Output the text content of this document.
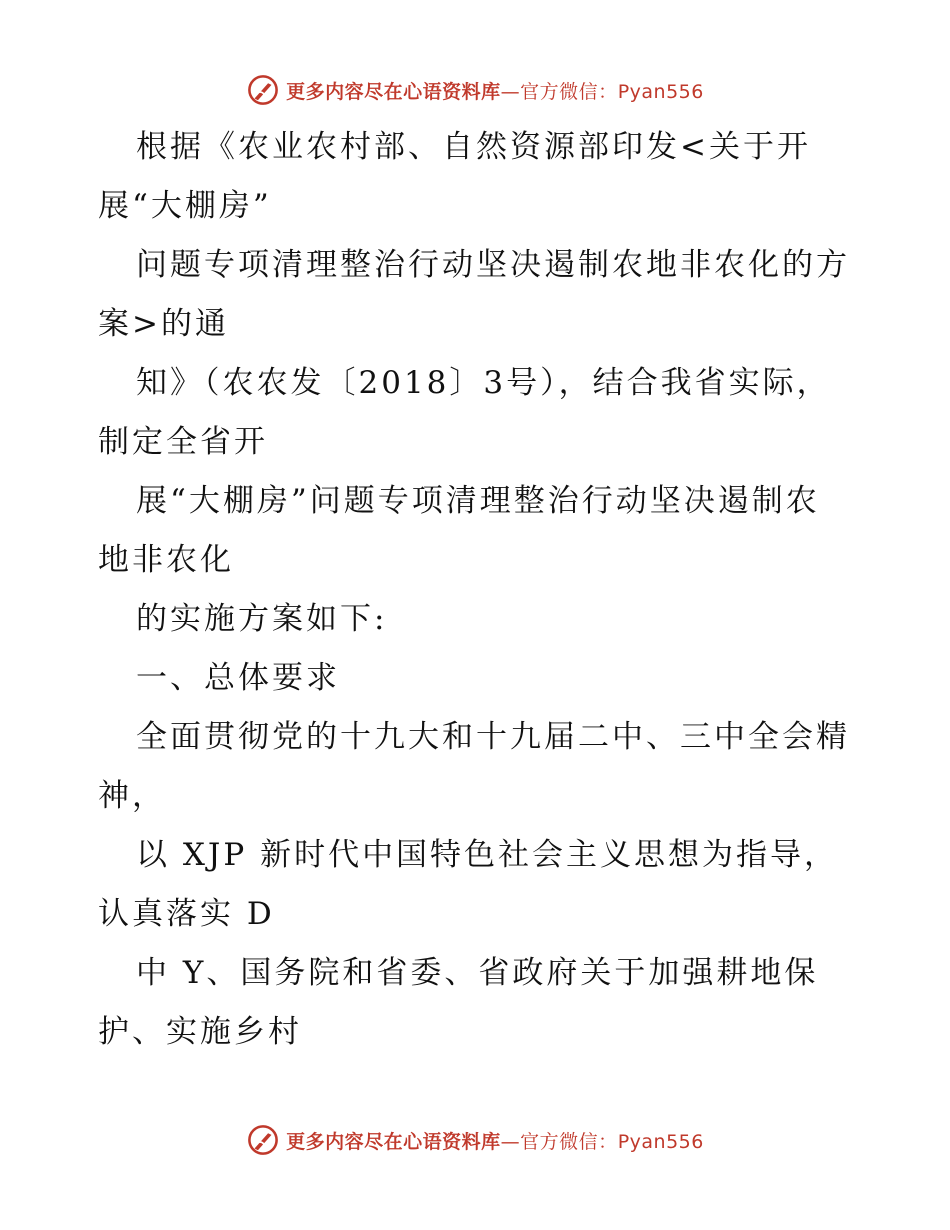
更多内容尽在心语资料库—官方微信：Pyan556
根据《农业农村部、自然资源部印发<关于开
展“大棚房”
问题专项清理整治行动坚决遏制农地非农化的方
案>的通
知》（农农发〔2018〕3号），结合我省实际，
制定全省开
展“大棚房”问题专项清理整治行动坚决遏制农
地非农化
的实施方案如下:
一、总体要求
全面贯彻党的十九大和十九届二中、三中全会精
神，
以 XJP 新时代中国特色社会主义思想为指导，
认真落实 D
中 Y、国务院和省委、省政府关于加强耕地保
护、实施乡村
更多内容尽在心语资料库—官方微信：Pyan556
